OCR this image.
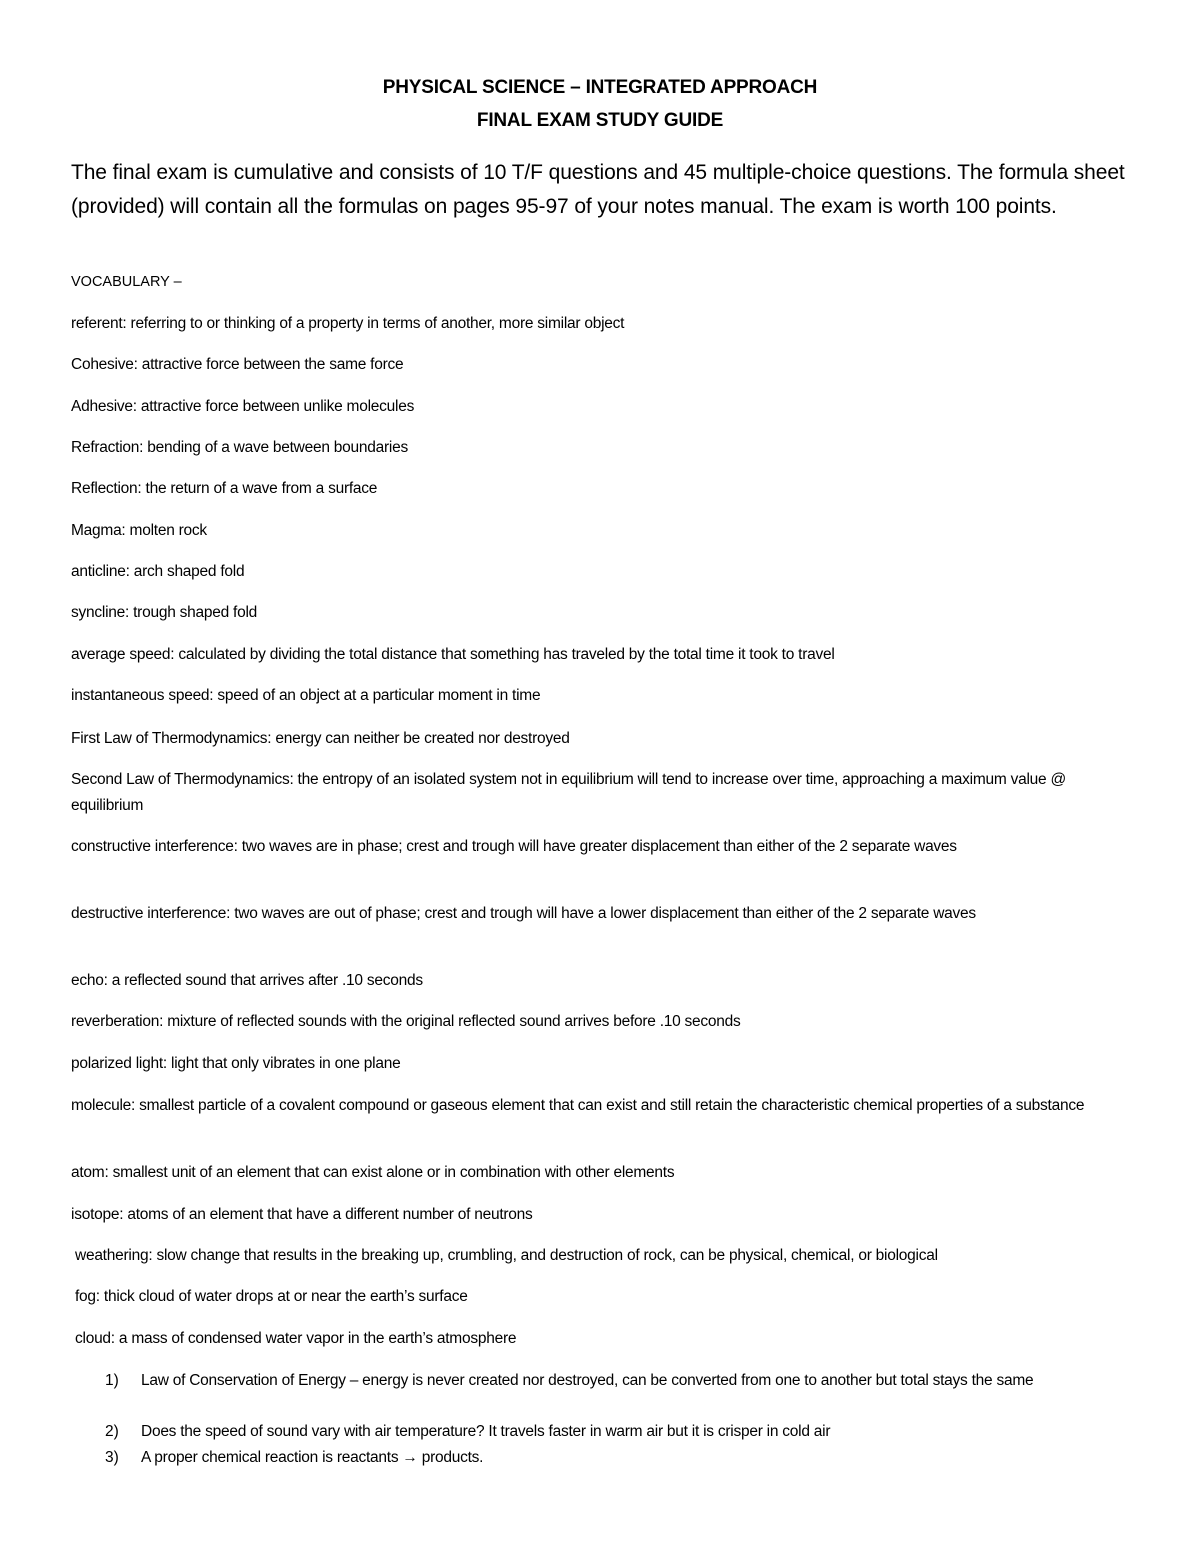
PHYSICAL SCIENCE – INTEGRATED APPROACH
FINAL EXAM STUDY GUIDE
The final exam is cumulative and consists of 10 T/F questions and 45 multiple-choice questions. The formula sheet (provided) will contain all the formulas on pages 95-97 of your notes manual. The exam is worth 100 points.
VOCABULARY –
referent: referring to or thinking of a property in terms of another, more similar object
Cohesive: attractive force between the same force
Adhesive: attractive force between unlike molecules
Refraction: bending of a wave between boundaries
Reflection: the return of a wave from a surface
Magma: molten rock
anticline: arch shaped fold
syncline: trough shaped fold
average speed: calculated by dividing the total distance that something has traveled by the total time it took to travel
instantaneous speed: speed of an object at a particular moment in time
First Law of Thermodynamics: energy can neither be created nor destroyed
Second Law of Thermodynamics: the entropy of an isolated system not in equilibrium will tend to increase over time, approaching a maximum value @ equilibrium
constructive interference: two waves are in phase; crest and trough will have greater displacement than either of the 2 separate waves
destructive interference: two waves are out of phase; crest and trough will have a lower displacement than either of the 2 separate waves
echo: a reflected sound that arrives after .10 seconds
reverberation: mixture of reflected sounds with the original reflected sound arrives before .10 seconds
polarized light: light that only vibrates in one plane
molecule: smallest particle of a covalent compound or gaseous element that can exist and still retain the characteristic chemical properties of a substance
atom: smallest unit of an element that can exist alone or in combination with other elements
isotope: atoms of an element that have a different number of neutrons
weathering: slow change that results in the breaking up, crumbling, and destruction of rock, can be physical, chemical, or biological
fog: thick cloud of water drops at or near the earth’s surface
cloud: a mass of condensed water vapor in the earth’s atmosphere
1)	Law of Conservation of Energy – energy is never created nor destroyed, can be converted from one to another but total stays the same
2)	Does the speed of sound vary with air temperature? It travels faster in warm air but it is crisper in cold air
3)	A proper chemical reaction is reactants → products.
